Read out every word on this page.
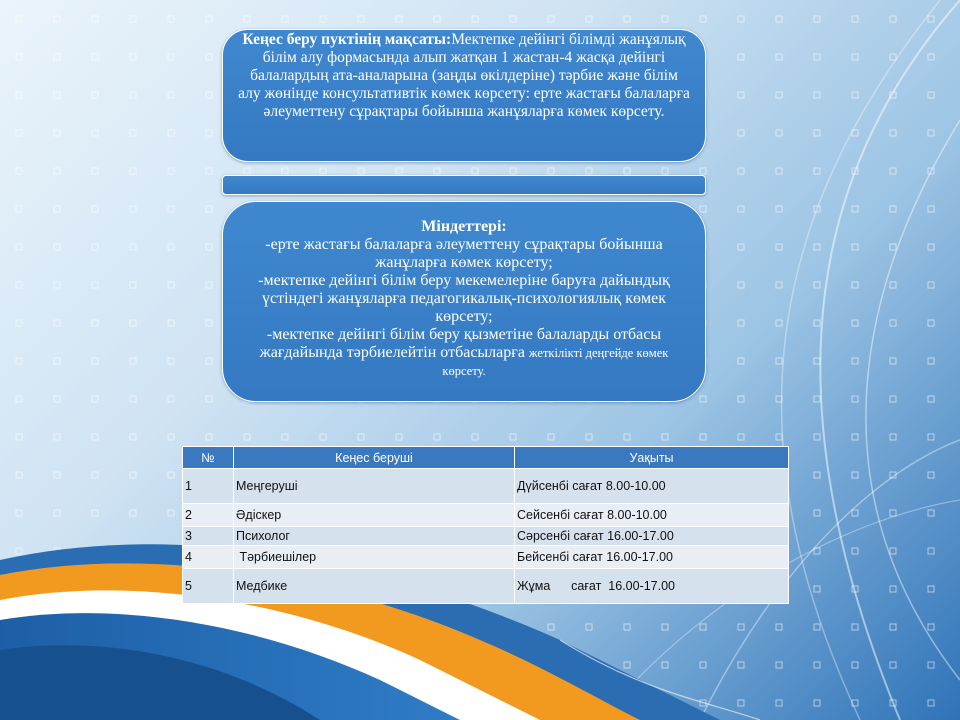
Кеңес беру пуктінің мақсаты:Мектепке дейінгі білімді жанұялық білім алу формасында алып жатқан 1 жастан-4 жасқа дейінгі балалардың ата-аналарына (заңды өкілдеріне) тәрбие және білім алу жөнінде консультативтік көмек көрсету: ерте жастағы балаларға әлеуметтену сұрақтары бойынша жанұяларға көмек көрсету.
Міндеттері:
-ерте жастағы балаларға әлеуметтену сұрақтары бойынша жанұларға көмек көрсету;
-мектепке дейінгі білім беру мекемелеріне баруға дайындық үстіндегі жанұяларға педагогикалық-психологиялық көмек көрсету;
-мектепке дейінгі білім беру қызметіне балаларды отбасы жағдайында тәрбиелейтін отбасыларға жеткілікті деңгейде көмек көрсету.
№	Кеңес беруші	Уақыты
1	Меңгеруші	Дүйсенбі сағат 8.00-10.00
2	Әдіскер	Сейсенбі сағат 8.00-10.00
3	Психолог	Сәрсенбі сағат 16.00-17.00
4	Тәрбиешілер	Бейсенбі сағат 16.00-17.00
5	Медбике	Жұма      сағат  16.00-17.00
